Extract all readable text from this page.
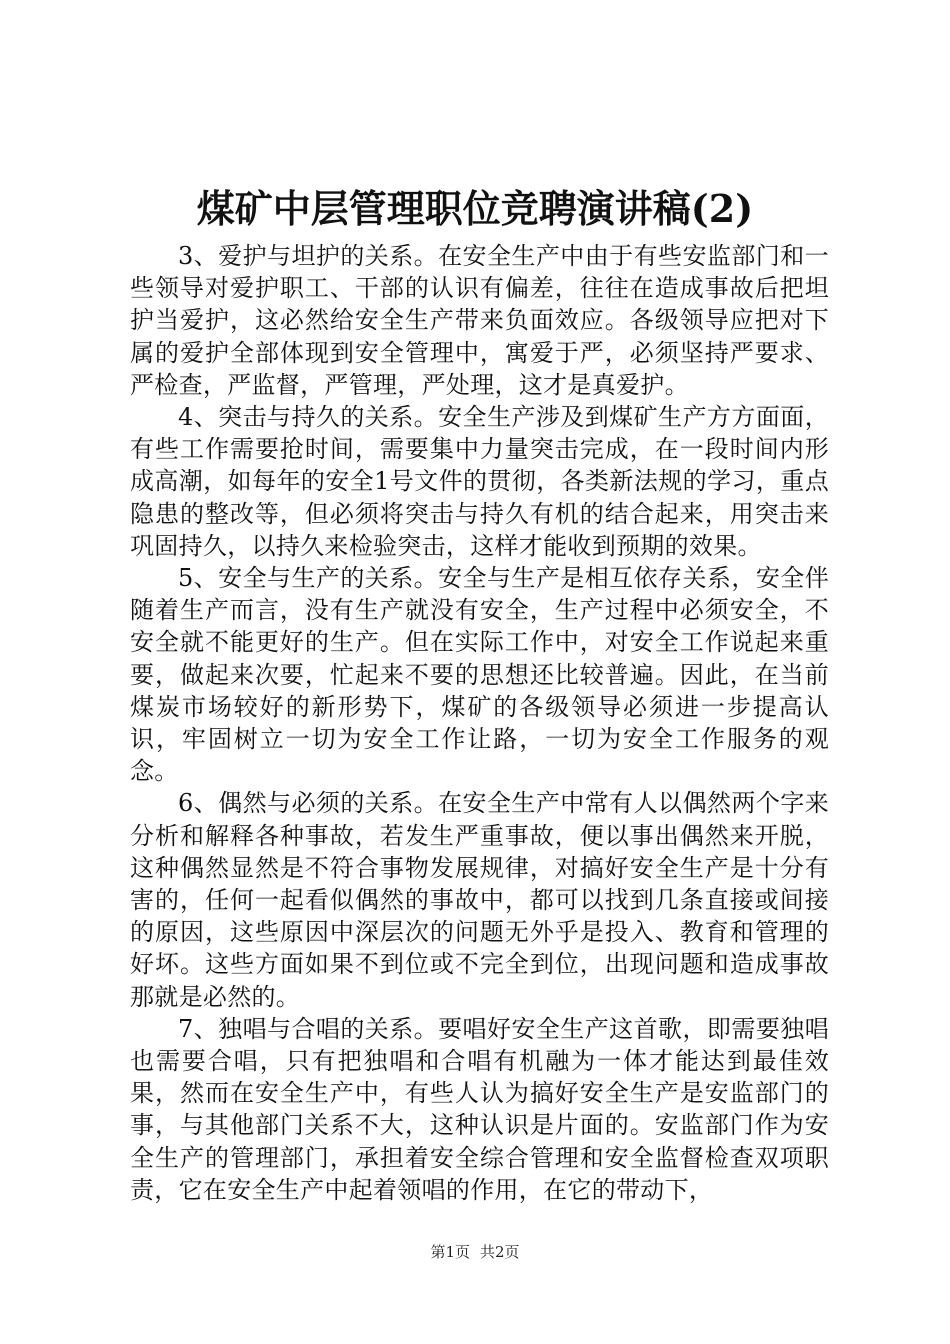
煤矿中层管理职位竞聘演讲稿(2)

3、爱护与坦护的关系。在安全生产中由于有些安监部门和一些领导对爱护职工、干部的认识有偏差，往往在造成事故后把坦护当爱护，这必然给安全生产带来负面效应。各级领导应把对下属的爱护全部体现到安全管理中，寓爱于严，必须坚持严要求、严检查，严监督，严管理，严处理，这才是真爱护。

4、突击与持久的关系。安全生产涉及到煤矿生产方方面面，有些工作需要抢时间，需要集中力量突击完成，在一段时间内形成高潮，如每年的安全1号文件的贯彻，各类新法规的学习，重点隐患的整改等，但必须将突击与持久有机的结合起来，用突击来巩固持久，以持久来检验突击，这样才能收到预期的效果。

5、安全与生产的关系。安全与生产是相互依存关系，安全伴随着生产而言，没有生产就没有安全，生产过程中必须安全，不安全就不能更好的生产。但在实际工作中，对安全工作说起来重要，做起来次要，忙起来不要的思想还比较普遍。因此，在当前煤炭市场较好的新形势下，煤矿的各级领导必须进一步提高认识，牢固树立一切为安全工作让路，一切为安全工作服务的观念。

6、偶然与必须的关系。在安全生产中常有人以偶然两个字来分析和解释各种事故，若发生严重事故，便以事出偶然来开脱，这种偶然显然是不符合事物发展规律，对搞好安全生产是十分有害的，任何一起看似偶然的事故中，都可以找到几条直接或间接的原因，这些原因中深层次的问题无外乎是投入、教育和管理的好坏。这些方面如果不到位或不完全到位，出现问题和造成事故那就是必然的。

7、独唱与合唱的关系。要唱好安全生产这首歌，即需要独唱也需要合唱，只有把独唱和合唱有机融为一体才能达到最佳效果，然而在安全生产中，有些人认为搞好安全生产是安监部门的事，与其他部门关系不大，这种认识是片面的。安监部门作为安全生产的管理部门，承担着安全综合管理和安全监督检查双项职责，它在安全生产中起着领唱的作用，在它的带动下，

第1页 共2页
